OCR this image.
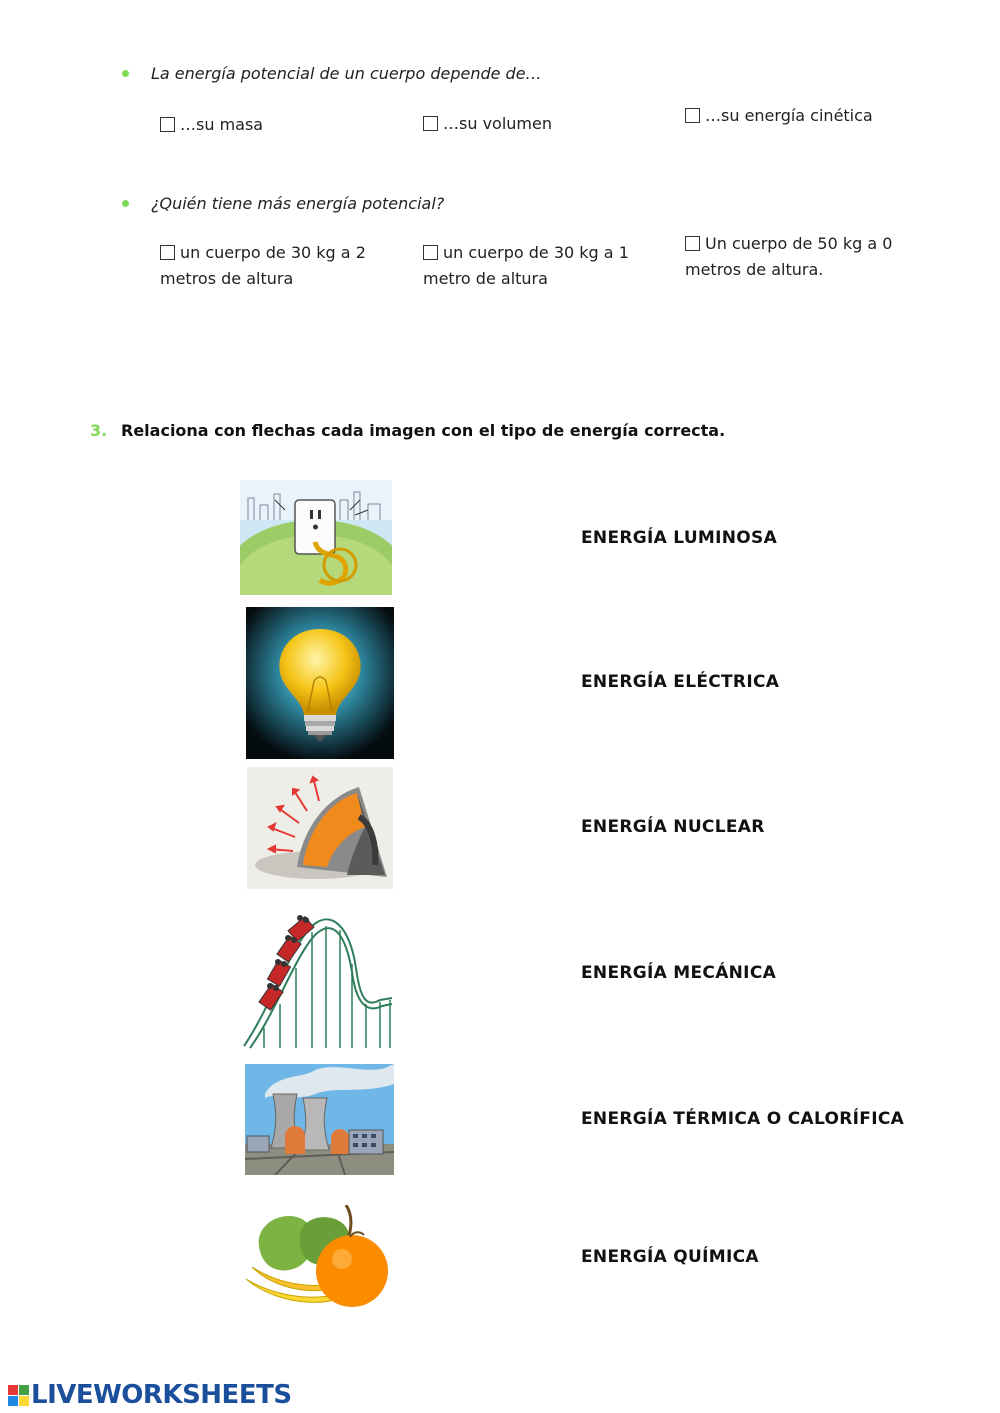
La energía potencial de un cuerpo depende de…
…su masa	…su volumen	…su energía cinética
¿Quién tiene más energía potencial?
un cuerpo de 30 kg a 2
metros de altura
un cuerpo de 30 kg a 1
metro de altura
Un cuerpo de 50 kg a 0
metros de altura.
3. Relaciona con flechas cada imagen con el tipo de energía correcta.
ENERGÍA LUMINOSA
ENERGÍA ELÉCTRICA
ENERGÍA NUCLEAR
ENERGÍA MECÁNICA
ENERGÍA TÉRMICA O CALORÍFICA
ENERGÍA QUÍMICA
LIVEWORKSHEETS
